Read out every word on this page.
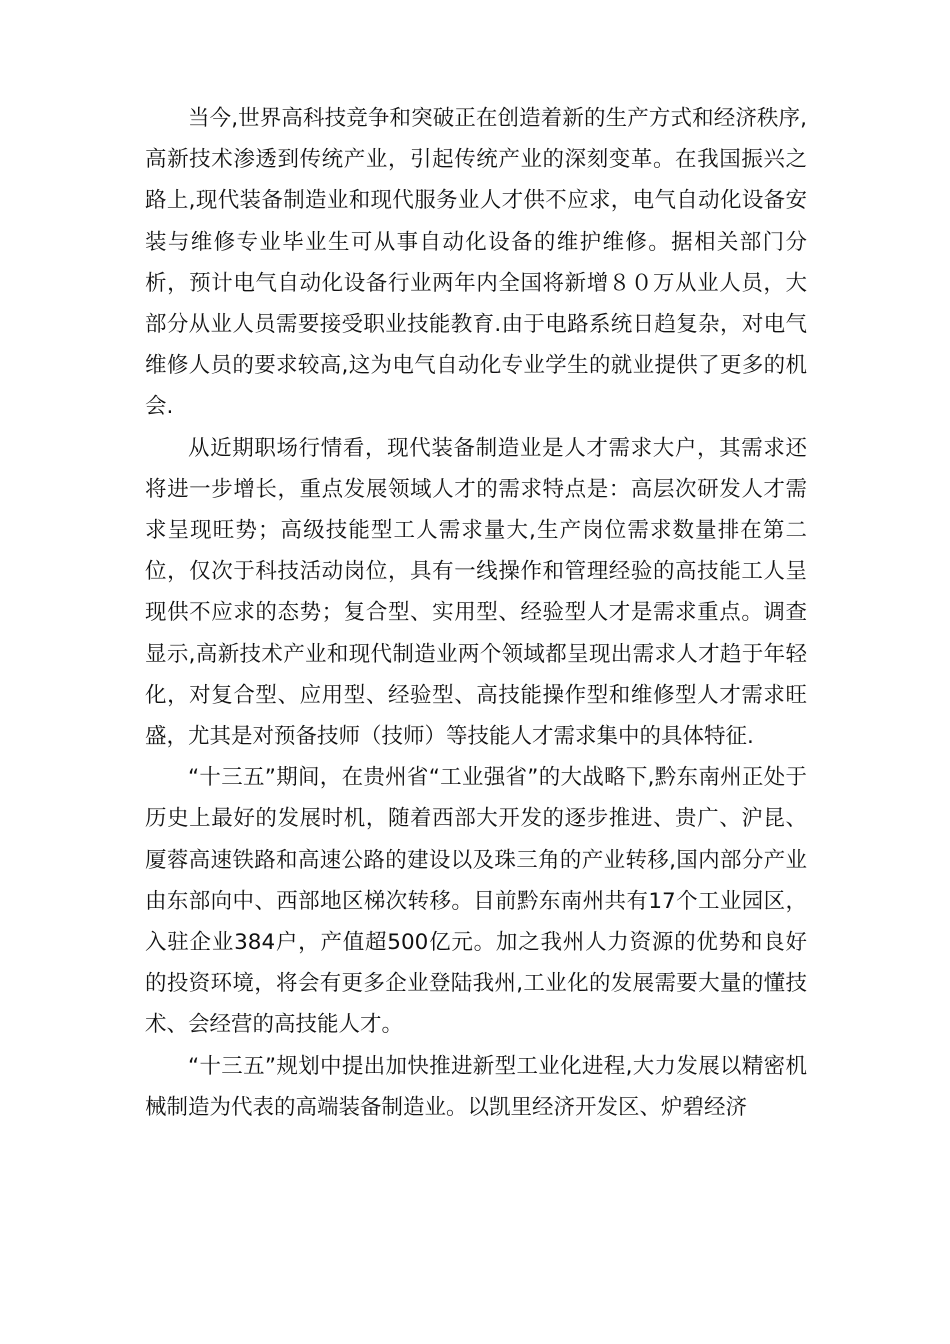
当今,世界高科技竞争和突破正在创造着新的生产方式和经济秩序,高新技术渗透到传统产业，引起传统产业的深刻变革。在我国振兴之路上,现代装备制造业和现代服务业人才供不应求，电气自动化设备安装与维修专业毕业生可从事自动化设备的维护维修。据相关部门分析，预计电气自动化设备行业两年内全国将新增８０万从业人员，大部分从业人员需要接受职业技能教育.由于电路系统日趋复杂，对电气维修人员的要求较高,这为电气自动化专业学生的就业提供了更多的机会.

从近期职场行情看，现代装备制造业是人才需求大户，其需求还将进一步增长，重点发展领域人才的需求特点是：高层次研发人才需求呈现旺势；高级技能型工人需求量大,生产岗位需求数量排在第二位，仅次于科技活动岗位，具有一线操作和管理经验的高技能工人呈现供不应求的态势；复合型、实用型、经验型人才是需求重点。调查显示,高新技术产业和现代制造业两个领域都呈现出需求人才趋于年轻化，对复合型、应用型、经验型、高技能操作型和维修型人才需求旺盛，尤其是对预备技师（技师）等技能人才需求集中的具体特征.

“十三五”期间，在贵州省“工业强省”的大战略下,黔东南州正处于历史上最好的发展时机，随着西部大开发的逐步推进、贵广、沪昆、厦蓉高速铁路和高速公路的建设以及珠三角的产业转移,国内部分产业由东部向中、西部地区梯次转移。目前黔东南州共有17个工业园区，入驻企业384户，产值超500亿元。加之我州人力资源的优势和良好的投资环境，将会有更多企业登陆我州,工业化的发展需要大量的懂技术、会经营的高技能人才。

“十三五”规划中提出加快推进新型工业化进程,大力发展以精密机械制造为代表的高端装备制造业。以凯里经济开发区、炉碧经济
